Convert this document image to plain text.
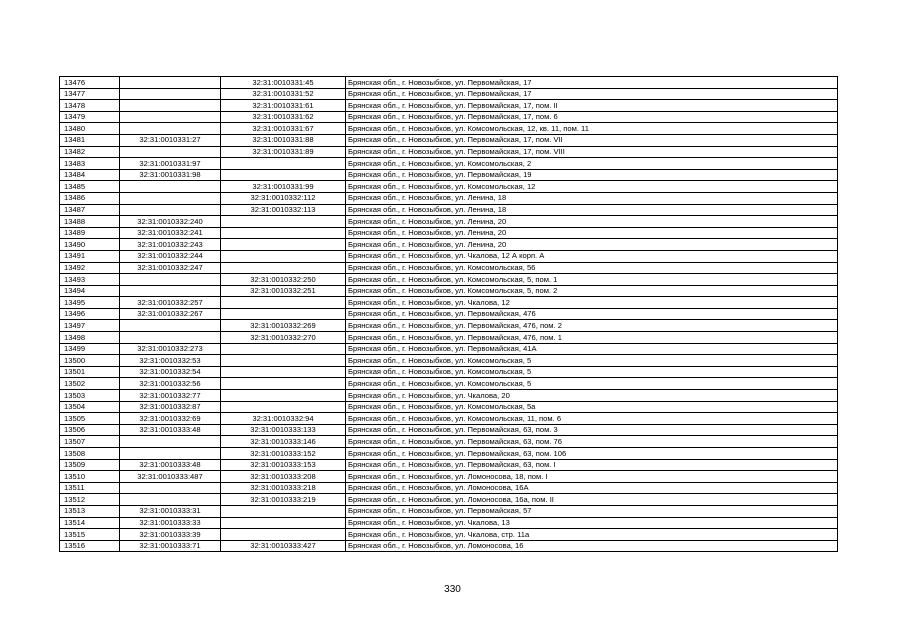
13476		32:31:0010331:45	Брянская обл., г. Новозыбков, ул. Первомайская, 17
13477		32:31:0010331:52	Брянская обл., г. Новозыбков, ул. Первомайская, 17
13478		32:31:0010331:61	Брянская обл., г. Новозыбков, ул. Первомайская, 17, пом. II
13479		32:31:0010331:62	Брянская обл., г. Новозыбков, ул. Первомайская, 17, пом. 6
13480		32:31:0010331:67	Брянская обл., г. Новозыбков, ул. Комсомольская, 12, кв. 11, пом. 11
13481	32:31:0010331:27	32:31:0010331:88	Брянская обл., г. Новозыбков, ул. Первомайская, 17, пом. VII
13482		32:31:0010331:89	Брянская обл., г. Новозыбков, ул. Первомайская, 17, пом. VIII
13483	32:31:0010331:97		Брянская обл., г. Новозыбков, ул. Комсомольская, 2
13484	32:31:0010331:98		Брянская обл., г. Новозыбков, ул. Первомайская, 19
13485		32:31:0010331:99	Брянская обл., г. Новозыбков, ул. Комсомольская, 12
13486		32:31:0010332:112	Брянская обл., г. Новозыбков, ул. Ленина, 18
13487		32:31:0010332:113	Брянская обл., г. Новозыбков, ул. Ленина, 18
13488	32:31:0010332:240		Брянская обл., г. Новозыбков, ул. Ленина, 20
13489	32:31:0010332:241		Брянская обл., г. Новозыбков, ул. Ленина, 20
13490	32:31:0010332:243		Брянская обл., г. Новозыбков, ул. Ленина, 20
13491	32:31:0010332:244		Брянская обл., г. Новозыбков, ул. Чкалова, 12 А корп. А
13492	32:31:0010332:247		Брянская обл., г. Новозыбков, ул. Комсомольская, 56
13493		32:31:0010332:250	Брянская обл., г. Новозыбков, ул. Комсомольская, 5, пом. 1
13494		32:31:0010332:251	Брянская обл., г. Новозыбков, ул. Комсомольская, 5, пом. 2
13495	32:31:0010332:257		Брянская обл., г. Новозыбков, ул. Чкалова, 12
13496	32:31:0010332:267		Брянская обл., г. Новозыбков, ул. Первомайская, 476
13497		32:31:0010332:269	Брянская обл., г. Новозыбков, ул. Первомайская, 476, пом. 2
13498		32:31:0010332:270	Брянская обл., г. Новозыбков, ул. Первомайская, 476, пом. 1
13499	32:31:0010332:273		Брянская обл., г. Новозыбков, ул. Первомайская, 41А
13500	32:31:0010332:53		Брянская обл., г. Новозыбков, ул. Комсомольская, 5
13501	32:31:0010332:54		Брянская обл., г. Новозыбков, ул. Комсомольская, 5
13502	32:31:0010332:56		Брянская обл., г. Новозыбков, ул. Комсомольская, 5
13503	32:31:0010332:77		Брянская обл., г. Новозыбков, ул. Чкалова, 20
13504	32:31:0010332:87		Брянская обл., г. Новозыбков, ул. Комсомольская, 5а
13505	32:31:0010332:69	32:31:0010332:94	Брянская обл., г. Новозыбков, ул. Комсомольская, 11, пом. 6
13506	32:31:0010333:48	32:31:0010333:133	Брянская обл., г. Новозыбков, ул. Первомайская, 63, пом. 3
13507		32:31:0010333:146	Брянская обл., г. Новозыбков, ул. Первомайская, 63, пом. 76
13508		32:31:0010333:152	Брянская обл., г. Новозыбков, ул. Первомайская, 63, пом. 106
13509	32:31:0010333:48	32:31:0010333:153	Брянская обл., г. Новозыбков, ул. Первомайская, 63, пом. I
13510	32:31:0010333:487	32:31:0010333:208	Брянская обл., г. Новозыбков, ул. Ломоносова, 18, пом. I
13511		32:31:0010333:218	Брянская обл., г. Новозыбков, ул. Ломоносова, 16А
13512		32:31:0010333:219	Брянская обл., г. Новозыбков, ул. Ломоносова, 16а, пом. II
13513	32:31:0010333:31		Брянская обл., г. Новозыбков, ул. Первомайская, 57
13514	32:31:0010333:33		Брянская обл., г. Новозыбков, ул. Чкалова, 13
13515	32:31:0010333:39		Брянская обл., г. Новозыбков, ул. Чкалова, стр. 11а
13516	32:31:0010333:71	32:31:0010333:427	Брянская обл., г. Новозыбков, ул. Ломоносова, 16
330
